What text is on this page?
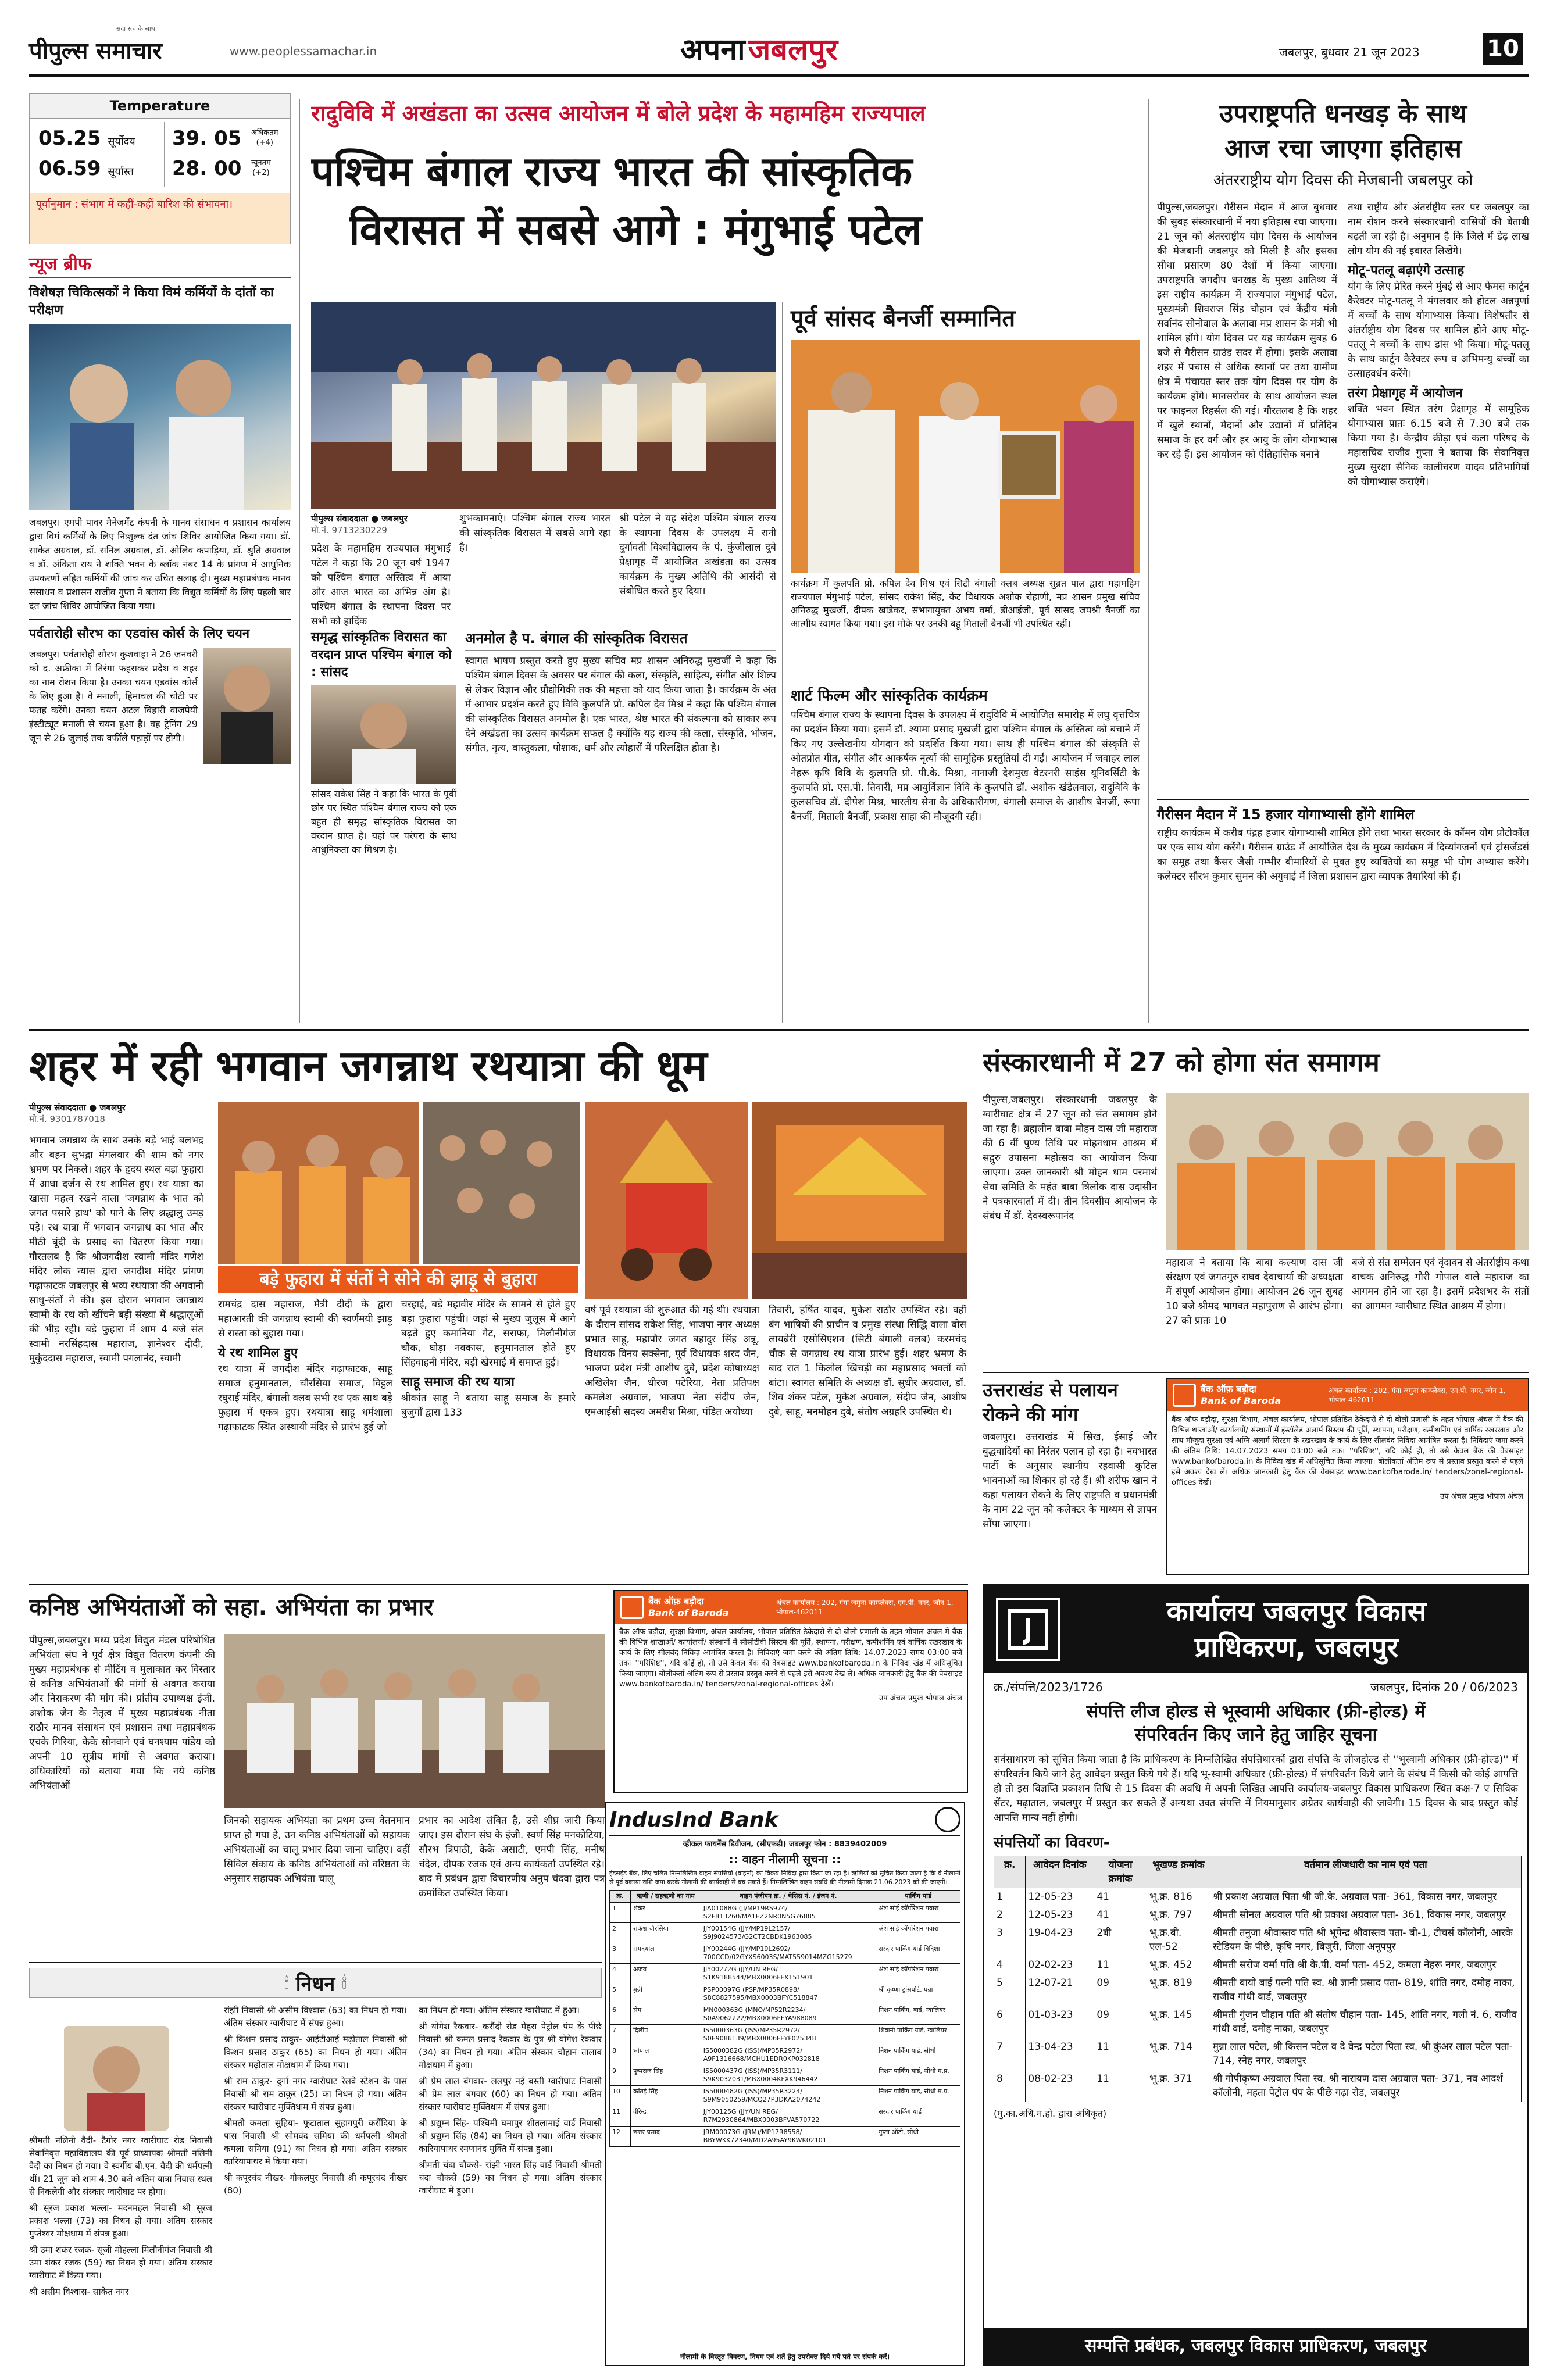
पीपुल्स समाचार
सदा सच के साथ
www.peoplessamachar.in	अपना जबलपुर	जबलपुर, बुधवार 21 जून 2023	10
Temperature
05.25 सूर्योदय
06.59 सूर्यास्त
39. 05 अधिकतम
(+4)
28. 00 न्यूनतम
(+2)
पूर्वानुमान : संभाग में कहीं-कहीं बारिश की संभावना।
न्यूज ब्रीफ
विशेषज्ञ चिकित्सकों ने किया विमं कर्मियों के दांतों का परीक्षण
जबलपुर। एमपी पावर मैनेजमेंट कंपनी के मानव संसाधन व प्रशासन कार्यालय द्वारा विमं कर्मियों के लिए निःशुल्क दंत जांच शिविर आयोजित किया गया। डॉ. साकेत अग्रवाल, डॉ. सनिल अग्रवाल, डॉ. ओलिव कपाड़िया, डॉ. श्रुति अग्रवाल व डॉ. अंकिता राय ने शक्ति भवन के ब्लॉक नंबर 14 के प्रांगण में आधुनिक उपकरणों सहित कर्मियों की जांच कर उचित सलाह दी। मुख्य महाप्रबंधक मानव संसाधन व प्रशासन राजीव गुप्ता ने बताया कि विद्युत कर्मियों के लिए पहली बार दंत जांच शिविर आयोजित किया गया।
पर्वतारोही सौरभ का एडवांस कोर्स के लिए चयन
जबलपुर। पर्वतारोही सौरभ कुशवाहा ने 26 जनवरी को द. अफ्रीका में तिरंगा फहराकर प्रदेश व शहर का नाम रोशन किया है। उनका चयन एडवांस कोर्स के लिए हुआ है। वे मनाली, हिमाचल की चोटी पर फतह करेंगे। उनका चयन अटल बिहारी वाजपेयी इंस्टीट्यूट मनाली से चयन हुआ है। वह ट्रेनिंग 29 जून से 26 जुलाई तक वर्फीले पहाड़ों पर होगी।
रादुविवि में अखंडता का उत्सव आयोजन में बोले प्रदेश के महामहिम राज्यपाल
पश्चिम बंगाल राज्य भारत की सांस्कृतिक
विरासत में सबसे आगे : मंगुभाई पटेल
पीपुल्स संवाददाता ● जबलपुर
मो.नं. 9713230229
शुभकामनाएं। पश्चिम बंगाल राज्य भारत की सांस्कृतिक विरासत में सबसे आगे रहा है।
श्री पटेल ने यह संदेश पश्चिम बंगाल राज्य के स्थापना दिवस के उपलक्ष्य में रानी दुर्गावती विश्वविद्यालय के पं. कुंजीलाल दुबे प्रेक्षागृह में आयोजित अखंडता का उत्सव कार्यक्रम के मुख्य अतिथि की आसंदी से संबोधित करते हुए दिया।
प्रदेश के महामहिम राज्यपाल मंगुभाई पटेल ने कहा कि 20 जून वर्ष 1947 को पश्चिम बंगाल अस्तित्व में आया और आज भारत का अभिन्न अंग है। पश्चिम बंगाल के स्थापना दिवस पर सभी को हार्दिक
समृद्ध सांस्कृतिक विरासत का वरदान प्राप्त पश्चिम बंगाल को : सांसद
सांसद राकेश सिंह ने कहा कि भारत के पूर्वी छोर पर स्थित पश्चिम बंगाल राज्य को एक बहुत ही समृद्ध सांस्कृतिक विरासत का वरदान प्राप्त है। यहां पर परंपरा के साथ आधुनिकता का मिश्रण है।
अनमोल है प. बंगाल की सांस्कृतिक विरासत
स्वागत भाषण प्रस्तुत करते हुए मुख्य सचिव मप्र शासन अनिरुद्ध मुखर्जी ने कहा कि पश्चिम बंगाल दिवस के अवसर पर बंगाल की कला, संस्कृति, साहित्य, संगीत और शिल्प से लेकर विज्ञान और प्रौद्योगिकी तक की महत्ता को याद किया जाता है। कार्यक्रम के अंत में आभार प्रदर्शन करते हुए विवि कुलपति प्रो. कपिल देव मिश्र ने कहा कि पश्चिम बंगाल की सांस्कृतिक विरासत अनमोल है। एक भारत, श्रेष्ठ भारत की संकल्पना को साकार रूप देने अखंडता का उत्सव कार्यक्रम सफल है क्योंकि यह राज्य की कला, संस्कृति, भोजन, संगीत, नृत्य, वास्तुकला, पोशाक, धर्म और त्योहारों में परिलक्षित होता है।
पूर्व सांसद बैनर्जी सम्मानित
कार्यक्रम में कुलपति प्रो. कपिल देव मिश्र एवं सिटी बंगाली क्लब अध्यक्ष सुब्रत पाल द्वारा महामहिम राज्यपाल मंगुभाई पटेल, सांसद राकेश सिंह, केंट विधायक अशोक रोहाणी, मप्र शासन प्रमुख सचिव अनिरुद्ध मुखर्जी, दीपक खांडेकर, संभागायुक्त अभय वर्मा, डीआईजी, पूर्व सांसद जयश्री बैनर्जी का आत्मीय स्वागत किया गया। इस मौके पर उनकी बहू मिताली बैनर्जी भी उपस्थित रहीं।
शार्ट फिल्म और सांस्कृतिक कार्यक्रम
पश्चिम बंगाल राज्य के स्थापना दिवस के उपलक्ष्य में रादुविवि में आयोजित समारोह में लघु वृत्तचित्र का प्रदर्शन किया गया। इसमें डॉ. श्यामा प्रसाद मुखर्जी द्वारा पश्चिम बंगाल के अस्तित्व को बचाने में किए गए उल्लेखनीय योगदान को प्रदर्शित किया गया। साथ ही पश्चिम बंगाल की संस्कृति से ओतप्रोत गीत, संगीत और आकर्षक नृत्यों की सामूहिक प्रस्तुतियां दी गईं। आयोजन में जवाहर लाल नेहरू कृषि विवि के कुलपति प्रो. पी.के. मिश्रा, नानाजी देशमुख वेटरनरी साइंस यूनिवर्सिटी के कुलपति प्रो. एस.पी. तिवारी, मप्र आयुर्विज्ञान विवि के कुलपति डॉ. अशोक खंडेलवाल, रादुविवि के कुलसचिव डॉ. दीपेश मिश्र, भारतीय सेना के अधिकारीगण, बंगाली समाज के आशीष बैनर्जी, रूपा बैनर्जी, मिताली बैनर्जी, प्रकाश साहा की मौजूदगी रही।
उपराष्ट्रपति धनखड़ के साथ
आज रचा जाएगा इतिहास
अंतरराष्ट्रीय योग दिवस की मेजबानी जबलपुर को
पीपुल्स,जबलपुर। गैरीसन मैदान में आज बुधवार की सुबह संस्कारधानी में नया इतिहास रचा जाएगा। 21 जून को अंतरराष्ट्रीय योग दिवस के आयोजन की मेजबानी जबलपुर को मिली है और इसका सीधा प्रसारण 80 देशों में किया जाएगा। उपराष्ट्रपति जगदीप धनखड़ के मुख्य आतिथ्य में इस राष्ट्रीय कार्यक्रम में राज्यपाल मंगुभाई पटेल, मुख्यमंत्री शिवराज सिंह चौहान एवं केंद्रीय मंत्री सर्वानंद सोनोवाल के अलावा मप्र शासन के मंत्री भी शामिल होंगे। योग दिवस पर यह कार्यक्रम सुबह 6 बजे से गैरीसन ग्राउंड सदर में होगा। इसके अलावा शहर में पचास से अधिक स्थानों पर तथा ग्रामीण क्षेत्र में पंचायत स्तर तक योग दिवस पर योग के कार्यक्रम होंगे। मानसरोवर के साथ आयोजन स्थल पर फाइनल रिहर्सल की गई। गौरतलब है कि शहर में खुले स्थानों, मैदानों और उद्यानों में प्रतिदिन समाज के हर वर्ग और हर आयु के लोग योगाभ्यास कर रहे हैं। इस आयोजन को ऐतिहासिक बनाने
तथा राष्ट्रीय और अंतर्राष्ट्रीय स्तर पर जबलपुर का नाम रोशन करने संस्कारधानी वासियों की बेताबी बढ़ती जा रही है। अनुमान है कि जिले में डेढ़ लाख लोग योग की नई इबारत लिखेंगे।
मोटू-पतलू बढ़ाएंगे उत्साह
योग के लिए प्रेरित करने मुंबई से आए फेमस कार्टून कैरेक्टर मोटू-पतलू ने मंगलवार को होटल अन्नपूर्णा में बच्चों के साथ योगाभ्यास किया। विशेषतौर से अंतर्राष्ट्रीय योग दिवस पर शामिल होने आए मोटू-पतलू ने बच्चों के साथ डांस भी किया। मोटू-पतलू के साथ कार्टून कैरेक्टर रूप व अभिमन्यु बच्चों का उत्साहवर्धन करेंगे।
तरंग प्रेक्षागृह में आयोजन
शक्ति भवन स्थित तरंग प्रेक्षागृह में सामूहिक योगाभ्यास प्रातः 6.15 बजे से 7.30 बजे तक किया गया है। केन्द्रीय क्रीड़ा एवं कला परिषद के महासचिव राजीव गुप्ता ने बताया कि सेवानिवृत्त मुख्य सुरक्षा सैनिक कालीचरण यादव प्रतिभागियों को योगाभ्यास कराएंगे।
गैरीसन मैदान में 15 हजार योगाभ्यासी होंगे शामिल
राष्ट्रीय कार्यक्रम में करीब पंद्रह हजार योगाभ्यासी शामिल होंगे तथा भारत सरकार के कॉमन योग प्रोटोकॉल पर एक साथ योग करेंगे। गैरीसन ग्राउंड में आयोजित देश के मुख्य कार्यक्रम में दिव्यांगजनों एवं ट्रांसजेंडर्स का समूह तथा कैंसर जैसी गम्भीर बीमारियों से मुक्त हुए व्यक्तियों का समूह भी योग अभ्यास करेंगे। कलेक्टर सौरभ कुमार सुमन की अगुवाई में जिला प्रशासन द्वारा व्यापक तैयारियां की हैं।
शहर में रही भगवान जगन्नाथ रथयात्रा की धूम
पीपुल्स संवाददाता ● जबलपुर
मो.नं. 9301787018
भगवान जगन्नाथ के साथ उनके बड़े भाई बलभद्र और बहन सुभद्रा मंगलवार की शाम को नगर भ्रमण पर निकले। शहर के हृदय स्थल बड़ा फुहारा में आधा दर्जन से रथ शामिल हुए। रथ यात्रा का खासा महत्व रखने वाला 'जगन्नाथ के भात को जगत पसारे हाथ' को पाने के लिए श्रद्धालु उमड़ पड़े। रथ यात्रा में भगवान जगन्नाथ का भात और मीठी बूंदी के प्रसाद का वितरण किया गया। गौरतलब है कि श्रीजगदीश स्वामी मंदिर गणेश मंदिर लोक न्यास द्वारा जगदीश मंदिर प्रांगण गढ़ाफाटक जबलपुर से भव्य रथयात्रा की अगवानी साधु-संतों ने की। इस दौरान भगवान जगन्नाथ स्वामी के रथ को खींचने बड़ी संख्या में श्रद्धालुओं की भीड़ रही। बड़े फुहारा में शाम 4 बजे संत स्वामी नरसिंहदास महाराज, ज्ञानेश्वर दीदी, मुकुंददास महाराज, स्वामी पगलानंद, स्वामी
बड़े फुहारा में संतों ने सोने की झाड़ू से बुहारा
रामचंद्र दास महाराज, मैत्री दीदी के द्वारा महाआरती की जगन्नाथ स्वामी की स्वर्णमयी झाड़ू से रास्ता को बुहारा गया।
ये रथ शामिल हुए
रथ यात्रा में जगदीश मंदिर गढ़ाफाटक, साहू समाज हनुमानताल, चौरसिया समाज, विट्ठल रघुराई मंदिर, बंगाली क्लब सभी रथ एक साथ बड़े फुहारा में एकत्र हुए। रथयात्रा साहू धर्मशाला गढ़ाफाटक स्थित अस्थायी मंदिर से प्रारंभ हुई जो
चरहाई, बड़े महावीर मंदिर के सामने से होते हुए बड़ा फुहारा पहुंची। जहां से मुख्य जुलूस में आगे बढ़ते हुए कमानिया गेट, सराफा, मिलौनीगंज चौक, घोड़ा नक्कास, हनुमानताल होते हुए सिंहवाहनी मंदिर, बड़ी खेरमाई में समाप्त हुई।
साहू समाज की रथ यात्रा
श्रीकांत साहू ने बताया साहू समाज के हमारे बुजुर्गों द्वारा 133
वर्ष पूर्व रथयात्रा की शुरुआत की गई थी। रथयात्रा के दौरान सांसद राकेश सिंह, भाजपा नगर अध्यक्ष प्रभात साहू, महापौर जगत बहादुर सिंह अन्नू, विधायक विनय सक्सेना, पूर्व विधायक शरद जैन, भाजपा प्रदेश मंत्री आशीष दुबे, प्रदेश कोषाध्यक्ष अखिलेश जैन, धीरज पटेरिया, नेता प्रतिपक्ष कमलेश अग्रवाल, भाजपा नेता संदीप जैन, एमआईसी सदस्य अमरीश मिश्रा, पंडित अयोध्या
तिवारी, हर्षित यादव, मुकेश राठौर उपस्थित रहे। वहीं बंग भाषियों की प्राचीन व प्रमुख संस्था सिद्धि वाला बोस लायब्रेरी एसोसिएशन (सिटी बंगाली क्लब) करमचंद चौक से जगन्नाथ रथ यात्रा प्रारंभ हुई। शहर भ्रमण के बाद रात 1 किलोल खिचड़ी का महाप्रसाद भक्तों को बांटा। स्वागत समिति के अध्यक्ष डॉ. सुधीर अग्रवाल, डॉ. शिव शंकर पटेल, मुकेश अग्रवाल, संदीप जैन, आशीष दुबे, साहू, मनमोहन दुबे, संतोष अग्रहरि उपस्थित थे।
संस्कारधानी में 27 को होगा संत समागम
पीपुल्स,जबलपुर। संस्कारधानी जबलपुर के ग्वारीघाट क्षेत्र में 27 जून को संत समागम होने जा रहा है। ब्रह्मलीन बाबा मोहन दास जी महाराज की 6 वीं पुण्य तिथि पर मोहनधाम आश्रम में सद्गुरु उपासना महोत्सव का आयोजन किया जाएगा। उक्त जानकारी श्री मोहन धाम परमार्थ सेवा समिति के महंत बाबा त्रिलोक दास उदासीन ने पत्रकारवार्ता में दी। तीन दिवसीय आयोजन के संबंध में डॉ. देवस्वरूपानंद
महाराज ने बताया कि बाबा कल्याण दास जी संरक्षण एवं जगतगुरु राघव देवाचार्या की अध्यक्षता में संपूर्ण आयोजन होगा। आयोजन 26 जून सुबह 10 बजे श्रीमद भागवत महापुराण से आरंभ होगा। 27 को प्रातः 10
बजे से संत सम्मेलन एवं वृंदावन से अंतर्राष्ट्रीय कथा वाचक अनिरुद्ध गौरी गोपाल वाले महाराज का आगमन होने जा रहा है। इसमें प्रदेशभर के संतों का आगमन ग्वारीघाट स्थित आश्रम में होगा।
उत्तराखंड से पलायन रोकने की मांग
जबलपुर। उत्तराखंड में सिख, ईसाई और बुद्धवादियों का निरंतर पलान हो रहा है। नवभारत पार्टी के अनुसार स्थानीय रहवासी कुटिल भावनाओं का शिकार हो रहे हैं। श्री शरीफ खान ने कहा पलायन रोकने के लिए राष्ट्रपति व प्रधानमंत्री के नाम 22 जून को कलेक्टर के माध्यम से ज्ञापन सौंपा जाएगा।
बैंक ऑफ़ बड़ौदा
Bank of Baroda
अंचल कार्यालय : 202, गंगा जमुना काम्प्लेक्स, एम.पी. नगर, जोन-1, भोपाल-462011
बैंक ऑफ बड़ौदा, सुरक्षा विभाग, अंचल कार्यालय, भोपाल प्रतिष्ठित ठेकेदारों से दो बोली प्रणाली के तहत भोपाल अंचल में बैंक की विभिन्न शाखाओं/ कार्यालयों/ संस्थानों में इंस्टॉलेड अलार्म सिस्टम की पूर्ति, स्थापना, परीक्षण, कमीशनिंग एवं वार्षिक रखरखाव और साथ मौजूदा सुरक्षा एवं अग्नि अलार्म सिस्टम के रखरखाव के कार्य के लिए सीलबंद निविदा आमंत्रित करता है। निविदाएं जमा करने की अंतिम तिथि: 14.07.2023 समय 03:00 बजे तक। ''परिशिष्ट'', यदि कोई हो, तो उसे केवल बैंक की वेबसाइट www.bankofbaroda.in के निविदा खंड में अधिसूचित किया जाएगा। बोलीकर्ता अंतिम रूप से प्रस्ताव प्रस्तुत करने से पहले इसे अवश्य देख लें। अधिक जानकारी हेतु बैंक की वेबसाइट www.bankofbaroda.in/ tenders/zonal-regional-offices देखें।
उप अंचल प्रमुख भोपाल अंचल
कनिष्ठ अभियंताओं को सहा. अभियंता का प्रभार
पीपुल्स,जबलपुर। मध्य प्रदेश विद्युत मंडल परिषोधित अभियंता संघ ने पूर्व क्षेत्र विद्युत वितरण कंपनी की मुख्य महाप्रबंधक से मीटिंग व मुलाकात कर विस्तार से कनिष्ठ अभियंताओं की मांगों से अवगत कराया और निराकरण की मांग की। प्रांतीय उपाध्यक्ष इंजी. अशोक जैन के नेतृत्व में मुख्य महाप्रबंधक नीता राठौर मानव संसाधन एवं प्रशासन तथा महाप्रबंधक एचके गिरिया, केके सोनवाने एवं घनश्याम पांडेय को अपनी 10 सूत्रीय मांगों से अवगत कराया। अधिकारियों को बताया गया कि नये कनिष्ठ अभियंताओं
जिनको सहायक अभियंता का प्रथम उच्च वेतनमान प्राप्त हो गया है, उन कनिष्ठ अभियंताओं को सहायक अभियंताओं का चालू प्रभार दिया जाना चाहिए। वहीं सिविल संकाय के कनिष्ठ अभियंताओं को वरिष्ठता के अनुसार सहायक अभियंता चालू
प्रभार का आदेश लंबित है, उसे शीघ्र जारी किया जाए। इस दौरान संघ के इंजी. स्वर्ण सिंह मनकोटिया, सौरभ त्रिपाठी, केके असाटी, एमपी सिंह, मनीष चंदेल, दीपक रजक एवं अन्य कार्यकर्ता उपस्थित रहे। बाद में प्रबंधन द्वारा विचारणीय अनुप चंदवा द्वारा पत्र क्रमांकित उपस्थित किया।
बैंक ऑफ़ बड़ौदा
Bank of Baroda
अंचल कार्यालय : 202, गंगा जमुना काम्प्लेक्स, एम.पी. नगर, जोन-1, भोपाल-462011
बैंक ऑफ बड़ौदा, सुरक्षा विभाग, अंचल कार्यालय, भोपाल प्रतिष्ठित ठेकेदारों से दो बोली प्रणाली के तहत भोपाल अंचल में बैंक की विभिन्न शाखाओं/ कार्यालयों/ संस्थानों में सीसीटीवी सिस्टम की पूर्ति, स्थापना, परीक्षण, कमीशनिंग एवं वार्षिक रखरखाव के कार्य के लिए सीलबंद निविदा आमंत्रित करता है। निविदाएं जमा करने की अंतिम तिथि: 14.07.2023 समय 03:00 बजे तक। ''परिशिष्ट'', यदि कोई हो, तो उसे केवल बैंक की वेबसाइट www.bankofbaroda.in के निविदा खंड में अधिसूचित किया जाएगा। बोलीकर्ता अंतिम रूप से प्रस्ताव प्रस्तुत करने से पहले इसे अवश्य देख लें। अधिक जानकारी हेतु बैंक की वेबसाइट www.bankofbaroda.in/ tenders/zonal-regional-offices देखें।
उप अंचल प्रमुख भोपाल अंचल
🕯 निधन 🕯

श्रीमती नलिनी वैदी- टैगोर नगर ग्वारीघाट रोड निवासी सेवानिवृत्त महाविद्यालय की पूर्व प्राध्यापक श्रीमती नलिनी वैदी का निधन हो गया। वे स्वर्गीय बी.एन. वैदी की धर्मपत्नी थीं। 21 जून को शाम 4.30 बजे अंतिम यात्रा निवास स्थल से निकलेगी और संस्कार ग्वारीघाट पर होगा।

श्री सूरज प्रकाश भल्ला- मदनमहल निवासी श्री सूरज प्रकाश भल्ला (73) का निधन हो गया। अंतिम संस्कार गुप्तेश्वर मोक्षधाम में संपन्न हुआ।

श्री उमा शंकर रजक- सूजी मोहल्ला मिलौनीगंज निवासी श्री उमा शंकर रजक (59) का निधन हो गया। अंतिम संस्कार ग्वारीघाट में किया गया।

श्री असीम विश्वास- साकेत नगर

रांझी निवासी श्री असीम विश्वास (63) का निधन हो गया। अंतिम संस्कार ग्वारीघाट में संपन्न हुआ।

श्री किशन प्रसाद ठाकुर- आईटीआई मढ़ोताल निवासी श्री किशन प्रसाद ठाकुर (65) का निधन हो गया। अंतिम संस्कार मढ़ोताल मोक्षधाम में किया गया।

श्री राम ठाकुर- दुर्गा नगर ग्वारीघाट रेलवे स्टेशन के पास निवासी श्री राम ठाकुर (25) का निधन हो गया। अंतिम संस्कार ग्वारीघाट मुक्तिधाम में संपन्न हुआ।

श्रीमती कमला सुहिया- फूटाताल सुहागपुरी करौंदिया के पास निवासी श्री सोमवंद समिया की धर्मपत्नी श्रीमती कमला समिया (91) का निधन हो गया। अंतिम संस्कार कारियापाथर में किया गया।

श्री कपूरचंद नीखर- गोकलपुर निवासी श्री कपूरचंद नीखर (80)

का निधन हो गया। अंतिम संस्कार ग्वारीघाट में हुआ।

श्री योगेश रैकवार- करौंदी रोड मेहरा पेट्रोल पंप के पीछे निवासी श्री कमल प्रसाद रैकवार के पुत्र श्री योगेश रैकवार (34) का निधन हो गया। अंतिम संस्कार चौहान तालाब मोक्षधाम में हुआ।

श्री प्रेम लाल बंगवार- ललपुर नई बस्ती ग्वारीघाट निवासी श्री प्रेम लाल बंगवार (60) का निधन हो गया। अंतिम संस्कार ग्वारीघाट मुक्तिधाम में संपन्न हुआ।

श्री प्रद्युम्न सिंह- पश्चिमी घमापुर शीतलामाई वार्ड निवासी श्री प्रद्युम्न सिंह (84) का निधन हो गया। अंतिम संस्कार कारियापाथर रमणानंद मुक्ति में संपन्न हुआ।

श्रीमती चंदा चौकसे- रांझी भारत सिंह वार्ड निवासी श्रीमती चंदा चौकसे (59) का निधन हो गया। अंतिम संस्कार ग्वारीघाट में हुआ।

IndusInd Bank
व्हीकल फायनेंस डिवीजन, (सीएफडी) जबलपुर फोन : 8839402009
:: वाहन नीलामी सूचना ::
इंडसइंड बैंक, लिए चलित निम्नलिखित वाहन संपत्तियों (वाहनों) का विक्रय निविदा द्वारा किया जा रहा है। ऋणियों को सूचित किया जाता है कि वे नीलामी से पूर्व बकाया राशि जमा करके नीलामी की कार्यवाही से बच सकते हैं। निम्नलिखित वाहन संबंधि की नीलामी दिनांक 21.06.2023 को की जाएगी।
क्र.	ऋणी / सहऋणी का नाम	वाहन पंजीयन क्र. / चेसिस नं. / इंजन नं.	पार्किंग यार्ड
1	शंकर	JJA01088G (JJ/MP19RS974/ S2F813260/MA1EZ2NR0N5G76885	अंश सांई कॉर्पोरेशन पवारा
2	राकेश चौरसिया	JJY00154G (JJY/MP19L2157/ S9J9024573/G2CT2CBDK1963085	अंश सांई कॉर्पोरेशन पवारा
3	रामदयाल	JJY00244G (JJY/MP19L2692/ 700CCD/02GYXS6003S/MAT559014MZG15279	सरदार पार्किंग यार्ड विदिशा
4	अजय	JJY00272G (JJY/UN REG/ S1K9188544/MBX0006FFX151901	अंश सांई कॉर्पोरेशन पवारा
5	मुन्नी	PSP00097G (PSP/MP35R0898/ S8C8827595/MBX0003BFYC518847	श्री कृष्णा ट्रांसपोर्ट, पन्ना
6	सेम	MN000363G (MNO/MP52R2234/ S0A9062222/MBX0006FFYA988089	निशन पार्किंग, बार्ड, ग्वालियर
7	दिलीप	IS5000363G (ISS/MP35R2972/ S0E9086139/MBX0006FFYF025348	शिवानी पार्किंग यार्ड, ग्वालियर
8	भोपाल	IS5000382G (ISS)/MP35R2972/ A9F1316668/MCHU1EDR0KP032818	निशन पार्किंग यार्ड, सीधी
9	पुष्पराज सिंह	IS5000437G (ISS)/MP35R3111/ S9K9032031/MBX0004KFXK946442	निशन पार्किंग यार्ड, सीधी म.प्र.
10	कांतई सिंह	IS5000482G (ISS)/MP35R3224/ S9M9050259/MCQ27P3DKA2074242	निशन पार्किंग यार्ड, सीधी म.प्र.
11	वीरेन्द्र	JJY00125G (JJY/UN REG/ R7M2930864/MBX0003BFVA570722	सरदार पार्किंग यार्ड
12	छत्तर प्रसाद	JRM00073G (JRM)/MP17R8558/ BBYWKK72340/MD2A95AY9KWK02101	गुप्ता ऑटो, सीधी
नीलामी के विस्तृत विवरण, नियम एवं शर्तें हेतु उपरोक्त दिये गये पते पर संपर्क करें।
कार्यालय जबलपुर विकास
प्राधिकरण, जबलपुर
क्र./संपत्ति/2023/1726	जबलपुर, दिनांक 20 / 06/2023
संपत्ति लीज होल्ड से भूस्वामी अधिकार (फ्री-होल्ड) में
संपरिवर्तन किए जाने हेतु जाहिर सूचना
सर्वसाधारण को सूचित किया जाता है कि प्राधिकरण के निम्नलिखित संपत्तिधारकों द्वारा संपत्ति के लीजहोल्ड से ''भूस्वामी अधिकार (फ्री-होल्ड)'' में संपरिवर्तन किये जाने हेतु आवेदन प्रस्तुत किये गये हैं। यदि भू-स्वामी अधिकार (फ्री-होल्ड) में संपरिवर्तन किये जाने के संबंध में किसी को कोई आपत्ति हो तो इस विज्ञप्ति प्रकाशन तिथि से 15 दिवस की अवधि में अपनी लिखित आपत्ति कार्यालय-जबलपुर विकास प्राधिकरण स्थित कक्ष-7 ए सिविक सेंटर, मढ़ाताल, जबलपुर में प्रस्तुत कर सकते हैं अन्यथा उक्त संपत्ति में नियमानुसार अग्रेतर कार्यवाही की जावेगी। 15 दिवस के बाद प्रस्तुत कोई आपत्ति मान्य नहीं होगी।
संपत्तियों का विवरण-
क्र.	आवेदन दिनांक	योजना क्रमांक	भूखण्ड क्रमांक	वर्तमान लीजधारी का नाम एवं पता
1	12-05-23	41	भू.क्र. 816	श्री प्रकाश अग्रवाल पिता श्री जी.के. अग्रवाल पता- 361, विकास नगर, जबलपुर
2	12-05-23	41	भू.क्र. 797	श्रीमती सोनल अग्रवाल पति श्री प्रकाश अग्रवाल पता- 361, विकास नगर, जबलपुर
3	19-04-23	2बी	भू.क्र.बी. एल-52	श्रीमती तनुजा श्रीवास्तव पति श्री भूपेन्द्र श्रीवास्तव पता- बी-1, टीचर्स कॉलोनी, आरके स्टेडियम के पीछे, कृषि नगर, बिजुरी, जिला अनूपपुर
4	02-02-23	11	भू.क्र. 452	श्रीमती सरोज वर्मा पति श्री के.पी. वर्मा पता- 452, कमला नेहरू नगर, जबलपुर
5	12-07-21	09	भू.क्र. 819	श्रीमती बायो बाई पत्नी पति स्व. श्री ज्ञानी प्रसाद पता- 819, शांति नगर, दमोह नाका, राजीव गांधी वार्ड, जबलपुर
6	01-03-23	09	भू.क्र. 145	श्रीमती गुंजन चौहान पति श्री संतोष चौहान पता- 145, शांति नगर, गली नं. 6, राजीव गांधी वार्ड, दमोह नाका, जबलपुर
7	13-04-23	11	भू.क्र. 714	मुन्ना लाल पटेल, श्री किसन पटेल व दे वेन्द्र पटेल पिता स्व. श्री कुंअर लाल पटेल पता- 714, स्नेह नगर, जबलपुर
8	08-02-23	11	भू.क्र. 371	श्री गोपीकृष्ण अग्रवाल पिता स्व. श्री नारायण दास अग्रवाल पता- 371, नव आदर्श कॉलोनी, महता पेट्रोल पंप के पीछे गढ़ा रोड, जबलपुर
(मु.का.अधि.म.हो. द्वारा अधिकृत)
सम्पत्ति प्रबंधक, जबलपुर विकास प्राधिकरण, जबलपुर
